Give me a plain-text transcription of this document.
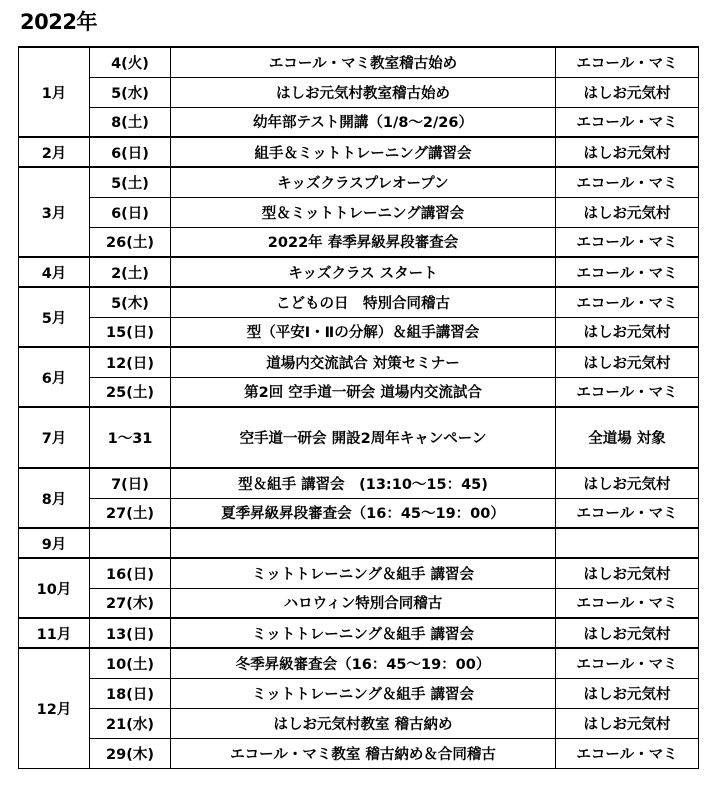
2022年
1月	4(火)	エコール・マミ教室稽古始め	エコール・マミ
	5(水)	はしお元気村教室稽古始め	はしお元気村
	8(土)	幼年部テスト開講（1/8〜2/26）	エコール・マミ
2月	6(日)	組手＆ミットトレーニング講習会	はしお元気村
3月	5(土)	キッズクラスプレオープン	エコール・マミ
	6(日)	型＆ミットトレーニング講習会	はしお元気村
	26(土)	2022年 春季昇級昇段審査会	エコール・マミ
4月	2(土)	キッズクラス スタート	エコール・マミ
5月	5(木)	こどもの日　特別合同稽古	エコール・マミ
	15(日)	型（平安Ⅰ・Ⅱの分解）＆組手講習会	はしお元気村
6月	12(日)	道場内交流試合 対策セミナー	はしお元気村
	25(土)	第2回 空手道一研会 道場内交流試合	エコール・マミ
7月	1〜31	空手道一研会 開設2周年キャンペーン	全道場 対象
8月	7(日)	型＆組手 講習会　(13:10〜15：45)	はしお元気村
	27(土)	夏季昇級昇段審査会（16：45〜19：00）	エコール・マミ
9月			
10月	16(日)	ミットトレーニング＆組手 講習会	はしお元気村
	27(木)	ハロウィン特別合同稽古	エコール・マミ
11月	13(日)	ミットトレーニング＆組手 講習会	はしお元気村
12月	10(土)	冬季昇級審査会（16：45〜19：00）	エコール・マミ
	18(日)	ミットトレーニング＆組手 講習会	はしお元気村
	21(水)	はしお元気村教室 稽古納め	はしお元気村
	29(木)	エコール・マミ教室 稽古納め＆合同稽古	エコール・マミ
